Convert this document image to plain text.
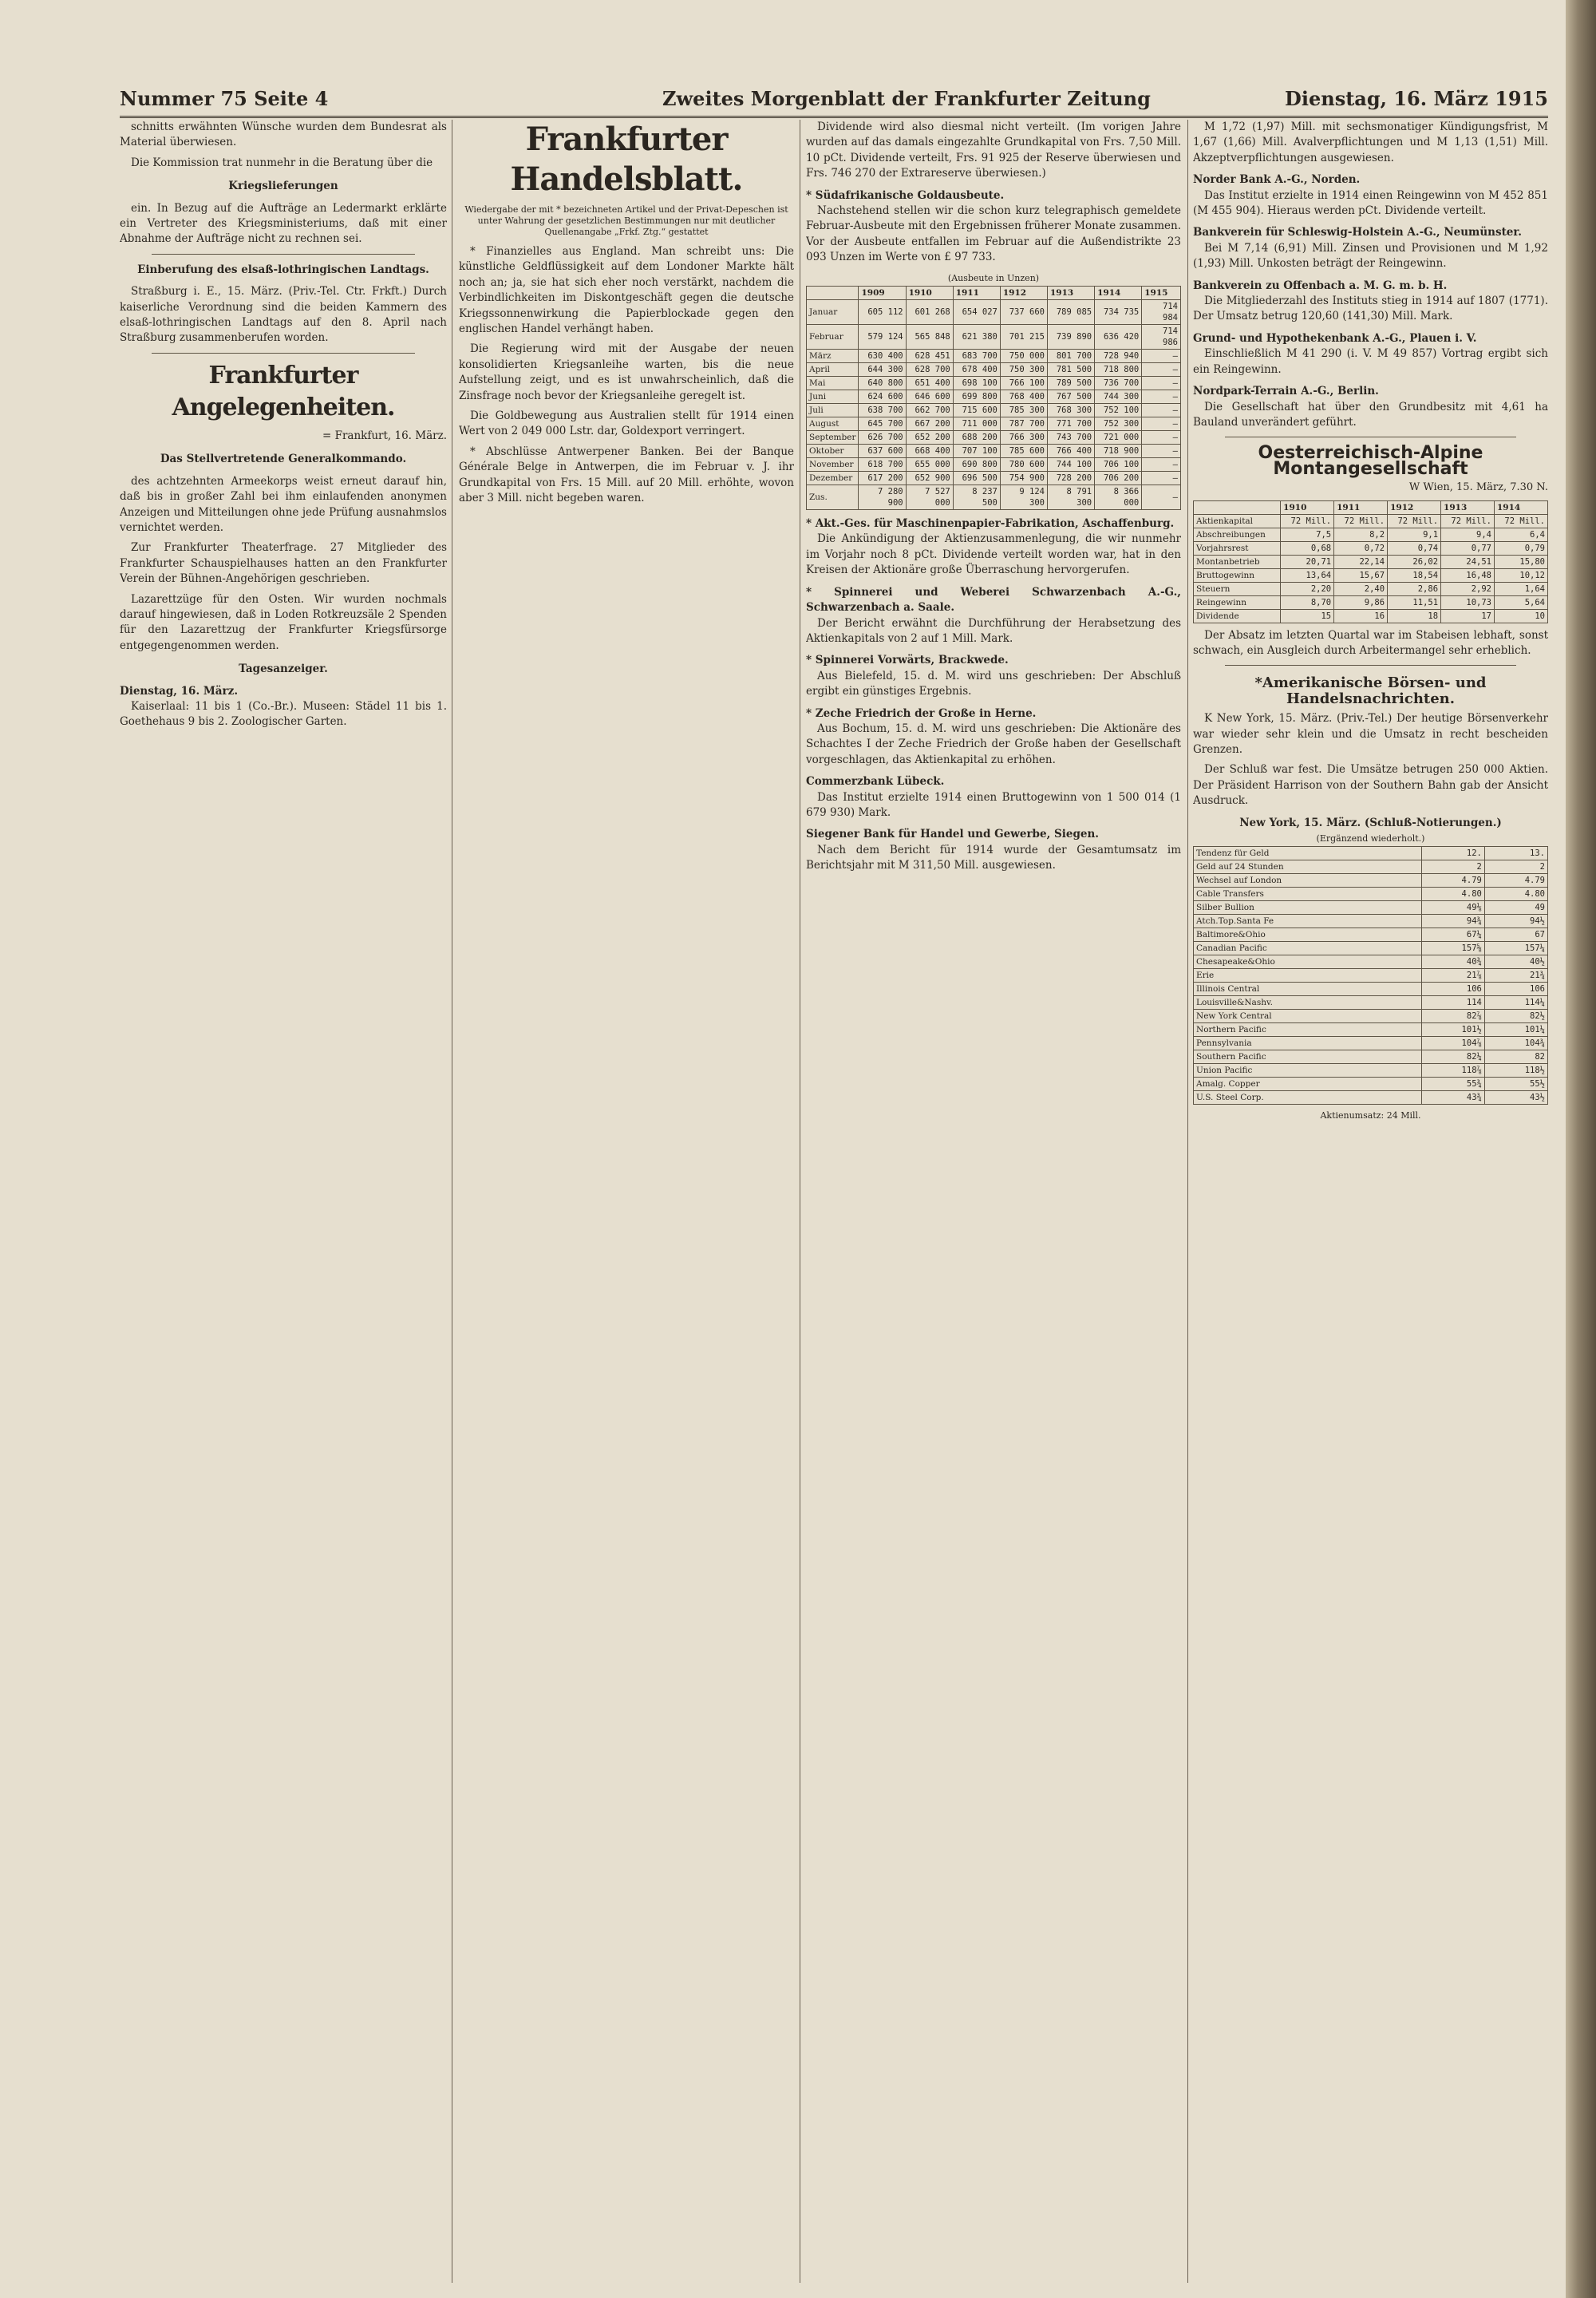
Nummer 75 Seite 4	Zweites Morgenblatt der Frankfurter Zeitung	Dienstag, 16. März 1915

schnitts erwähnten Wünsche wurden dem Bundesrat als Material überwiesen.

Die Kommission trat nunmehr in die Beratung über die

Kriegslieferungen

ein. In Bezug auf die Aufträge an Ledermarkt erklärte ein Vertreter des Kriegsministeriums, daß mit einer Abnahme der Aufträge nicht zu rechnen sei.

Einberufung des elsaß-lothringischen Landtags.

Straßburg i. E., 15. März. (Priv.-Tel. Ctr. Frkft.) Durch kaiserliche Verordnung sind die beiden Kammern des elsaß-lothringischen Landtags auf den 8. April nach Straßburg zusammenberufen worden.

Frankfurter Angelegenheiten.
= Frankfurt, 16. März.
Das Stellvertretende Generalkommando.

des achtzehnten Armeekorps weist erneut darauf hin, daß bis in großer Zahl bei ihm einlaufenden anonymen Anzeigen und Mitteilungen ohne jede Prüfung ausnahmslos vernichtet werden.

Zur Frankfurter Theaterfrage. 27 Mitglieder des Frankfurter Schauspielhauses hatten an den Frankfurter Verein der Bühnen-Angehörigen geschrieben.

Lazarettzüge für den Osten. Wir wurden nochmals darauf hingewiesen, daß in Loden Rotkreuzsäle 2 Spenden für den Lazarettzug der Frankfurter Kriegsfürsorge entgegengenommen werden.

Tagesanzeiger.
Dienstag, 16. März.

Kaiserlaal: 11 bis 1 (Co.-Br.). Museen: Städel 11 bis 1. Goethehaus 9 bis 2. Zoologischer Garten.

Frankfurter Handelsblatt.
Wiedergabe der mit * bezeichneten Artikel und der Privat-Depeschen ist unter Wahrung der gesetzlichen Bestimmungen nur mit deutlicher Quellenangabe „Frkf. Ztg.“ gestattet

* Finanzielles aus England. Man schreibt uns: Die künstliche Geldflüssigkeit auf dem Londoner Markte hält noch an; ja, sie hat sich eher noch verstärkt, nachdem die Verbindlichkeiten im Diskontgeschäft gegen die deutsche Kriegssonnenwirkung die Papierblockade gegen den englischen Handel verhängt haben.

Die Regierung wird mit der Ausgabe der neuen konsolidierten Kriegsanleihe warten, bis die neue Aufstellung zeigt, und es ist unwahrscheinlich, daß die Zinsfrage noch bevor der Kriegsanleihe geregelt ist.

Die Goldbewegung aus Australien stellt für 1914 einen Wert von 2 049 000 Lstr. dar, Goldexport verringert.

* Abschlüsse Antwerpener Banken. Bei der Banque Générale Belge in Antwerpen, die im Februar v. J. ihr Grundkapital von Frs. 15 Mill. auf 20 Mill. erhöhte, wovon aber 3 Mill. nicht begeben waren.

Dividende wird also diesmal nicht verteilt. (Im vorigen Jahre wurden auf das damals eingezahlte Grundkapital von Frs. 7,50 Mill. 10 pCt. Dividende verteilt, Frs. 91 925 der Reserve überwiesen und Frs. 746 270 der Extrareserve überwiesen.)

* Südafrikanische Goldausbeute.

Nachstehend stellen wir die schon kurz telegraphisch gemeldete Februar-Ausbeute mit den Ergebnissen früherer Monate zusammen. Vor der Ausbeute entfallen im Februar auf die Außendistrikte 23 093 Unzen im Werte von £ 97 733.

(Ausbeute in Unzen)
	1909	1910	1911	1912	1913	1914	1915
Januar	605 112	601 268	654 027	737 660	789 085	734 735	714 984
Februar	579 124	565 848	621 380	701 215	739 890	636 420	714 986
März	630 400	628 451	683 700	750 000	801 700	728 940	—
April	644 300	628 700	678 400	750 300	781 500	718 800	—
Mai	640 800	651 400	698 100	766 100	789 500	736 700	—
Juni	624 600	646 600	699 800	768 400	767 500	744 300	—
Juli	638 700	662 700	715 600	785 300	768 300	752 100	—
August	645 700	667 200	711 000	787 700	771 700	752 300	—
September	626 700	652 200	688 200	766 300	743 700	721 000	—
Oktober	637 600	668 400	707 100	785 600	766 400	718 900	—
November	618 700	655 000	690 800	780 600	744 100	706 100	—
Dezember	617 200	652 900	696 500	754 900	728 200	706 200	—
Zus.	7 280 900	7 527 000	8 237 500	9 124 300	8 791 300	8 366 000	—
* Akt.-Ges. für Maschinenpapier-Fabrikation, Aschaffenburg.

Die Ankündigung der Aktienzusammenlegung, die wir nunmehr im Vorjahr noch 8 pCt. Dividende verteilt worden war, hat in den Kreisen der Aktionäre große Überraschung hervorgerufen.

* Spinnerei und Weberei Schwarzenbach A.-G., Schwarzenbach a. Saale.

Der Bericht erwähnt die Durchführung der Herabsetzung des Aktienkapitals von 2 auf 1 Mill. Mark.

* Spinnerei Vorwärts, Brackwede.

Aus Bielefeld, 15. d. M. wird uns geschrieben: Der Abschluß ergibt ein günstiges Ergebnis.

* Zeche Friedrich der Große in Herne.

Aus Bochum, 15. d. M. wird uns geschrieben: Die Aktionäre des Schachtes I der Zeche Friedrich der Große haben der Gesellschaft vorgeschlagen, das Aktienkapital zu erhöhen.

Commerzbank Lübeck.

Das Institut erzielte 1914 einen Bruttogewinn von 1 500 014 (1 679 930) Mark.

Siegener Bank für Handel und Gewerbe, Siegen.

Nach dem Bericht für 1914 wurde der Gesamtumsatz im Berichtsjahr mit M 311,50 Mill. ausgewiesen.

M 1,72 (1,97) Mill. mit sechsmonatiger Kündigungsfrist, M 1,67 (1,66) Mill. Avalverpflichtungen und M 1,13 (1,51) Mill. Akzeptverpflichtungen ausgewiesen.

Norder Bank A.-G., Norden.

Das Institut erzielte in 1914 einen Reingewinn von M 452 851 (M 455 904). Hieraus werden pCt. Dividende verteilt.

Bankverein für Schleswig-Holstein A.-G., Neumünster.

Bei M 7,14 (6,91) Mill. Zinsen und Provisionen und M 1,92 (1,93) Mill. Unkosten beträgt der Reingewinn.

Bankverein zu Offenbach a. M. G. m. b. H.

Die Mitgliederzahl des Instituts stieg in 1914 auf 1807 (1771). Der Umsatz betrug 120,60 (141,30) Mill. Mark.

Grund- und Hypothekenbank A.-G., Plauen i. V.

Einschließlich M 41 290 (i. V. M 49 857) Vortrag ergibt sich ein Reingewinn.

Nordpark-Terrain A.-G., Berlin.

Die Gesellschaft hat über den Grundbesitz mit 4,61 ha Bauland unverändert geführt.

Oesterreichisch-Alpine Montangesellschaft
W Wien, 15. März, 7.30 N.
	1910	1911	1912	1913	1914
Aktienkapital	72 Mill.	72 Mill.	72 Mill.	72 Mill.	72 Mill.
Abschreibungen	7,5	8,2	9,1	9,4	6,4
Vorjahrsrest	0,68	0,72	0,74	0,77	0,79
Montanbetrieb	20,71	22,14	26,02	24,51	15,80
Bruttogewinn	13,64	15,67	18,54	16,48	10,12
Steuern	2,20	2,40	2,86	2,92	1,64
Reingewinn	8,70	9,86	11,51	10,73	5,64
Dividende	15	16	18	17	10

Der Absatz im letzten Quartal war im Stabeisen lebhaft, sonst schwach, ein Ausgleich durch Arbeitermangel sehr erheblich.

*Amerikanische Börsen- und Handelsnachrichten.

K New York, 15. März. (Priv.-Tel.) Der heutige Börsenverkehr war wieder sehr klein und die Umsatz in recht bescheiden Grenzen.

Der Schluß war fest. Die Umsätze betrugen 250 000 Aktien. Der Präsident Harrison von der Southern Bahn gab der Ansicht Ausdruck.

New York, 15. März. (Schluß-Notierungen.)
(Ergänzend wiederholt.)
Tendenz für Geld	12.	13.
Geld auf 24 Stunden	2	2
Wechsel auf London	4.79	4.79
Cable Transfers	4.80	4.80
Silber Bullion	49⅛	49
Atch.Top.Santa Fe	94¾	94½
Baltimore&Ohio	67¼	67
Canadian Pacific	157⅝	157¼
Chesapeake&Ohio	40¾	40½
Erie	21⅞	21¾
Illinois Central	106	106
Louisville&Nashv.	114	114¼
New York Central	82⅞	82½
Northern Pacific	101½	101¼
Pennsylvania	104⅞	104¾
Southern Pacific	82¼	82
Union Pacific	118⅞	118½
Amalg. Copper	55¾	55½
U.S. Steel Corp.	43¾	43½
Aktienumsatz: 24 Mill.
